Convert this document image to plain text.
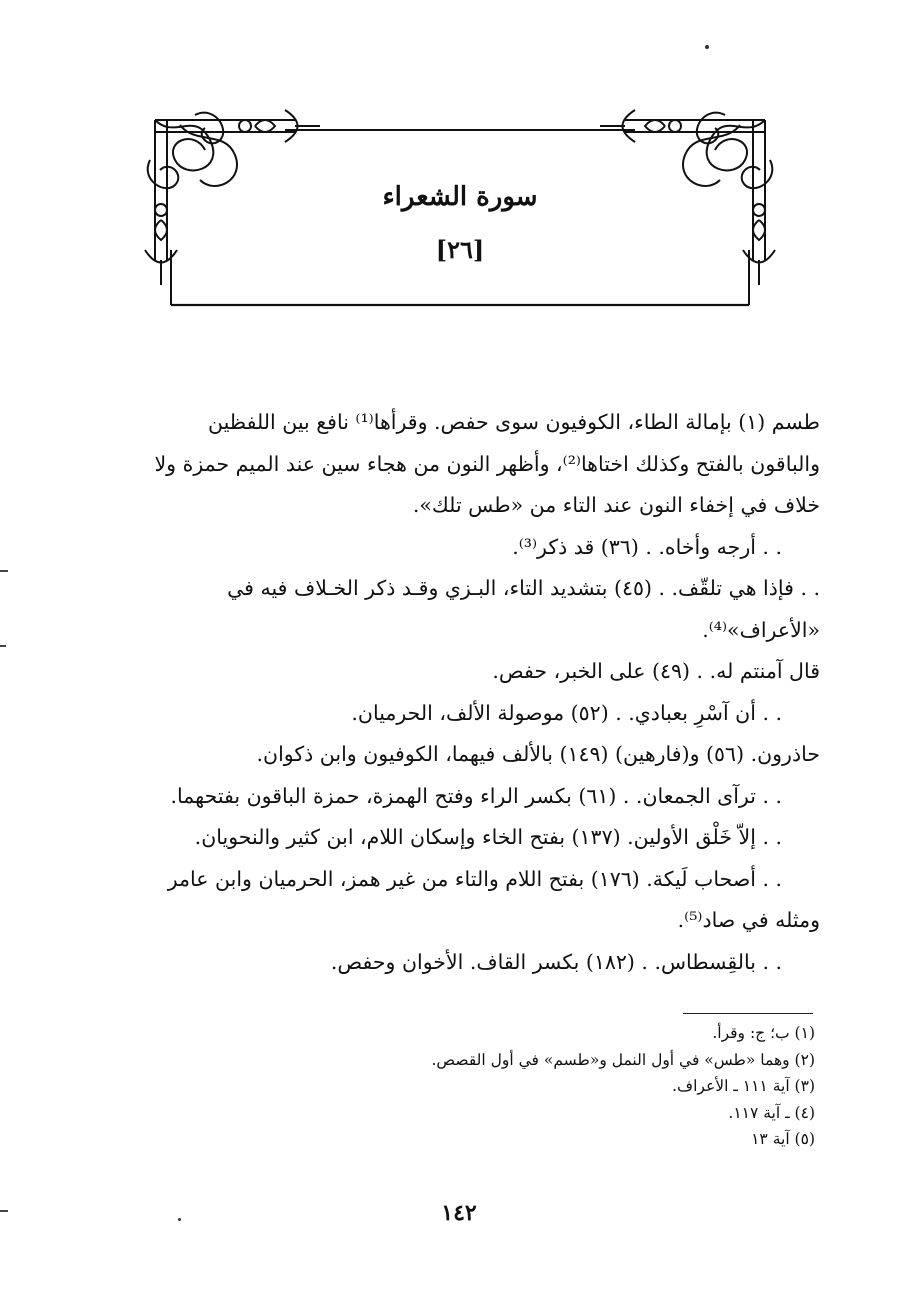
سورة الشعراء
[٢٦]

طسم (١) بإمالة الطاء، الكوفيون سوى حفص. وقرأها⁽¹⁾ نافع بين اللفظين

والباقون بالفتح وكذلك اختاها⁽²⁾، وأظهر النون من هجاء سين عند الميم حمزة ولا

خلاف في إخفاء النون عند التاء من «طس تلك».

. . أرجه وأخاه. . (٣٦) قد ذكر⁽³⁾.

. . فإذا هي تلقّف. . (٤٥) بتشديد التاء، البـزي وقـد ذكر الخـلاف فيه في

«الأعراف»⁽⁴⁾.

قال آمنتم له. . (٤٩) على الخبر، حفص.

. . أن آسْرِ بعبادي. . (٥٢) موصولة الألف، الحرميان.

حاذرون. (٥٦) و(فارهين) (١٤٩) بالألف فيهما، الكوفيون وابن ذكوان.

. . ترآى الجمعان. . (٦١) بكسر الراء وفتح الهمزة، حمزة الباقون بفتحهما.

. . إلاّ خَلْق الأولين. (١٣٧) بفتح الخاء وإسكان اللام، ابن كثير والنحويان.

. . أصحاب لَيكة. (١٧٦) بفتح اللام والتاء من غير همز، الحرميان وابن عامر

ومثله في صاد⁽⁵⁾.

. . بالقِسطاس. . (١٨٢) بكسر القاف. الأخوان وحفص.

(١) ب؛ ج: وقرأ.

(٢) وهما «طس» في أول النمل و«طسم» في أول القصص.

(٣) آية ١١١ ـ الأعراف.

(٤) ـ آية ١١٧.

(٥) آية ١٣

١٤٢
